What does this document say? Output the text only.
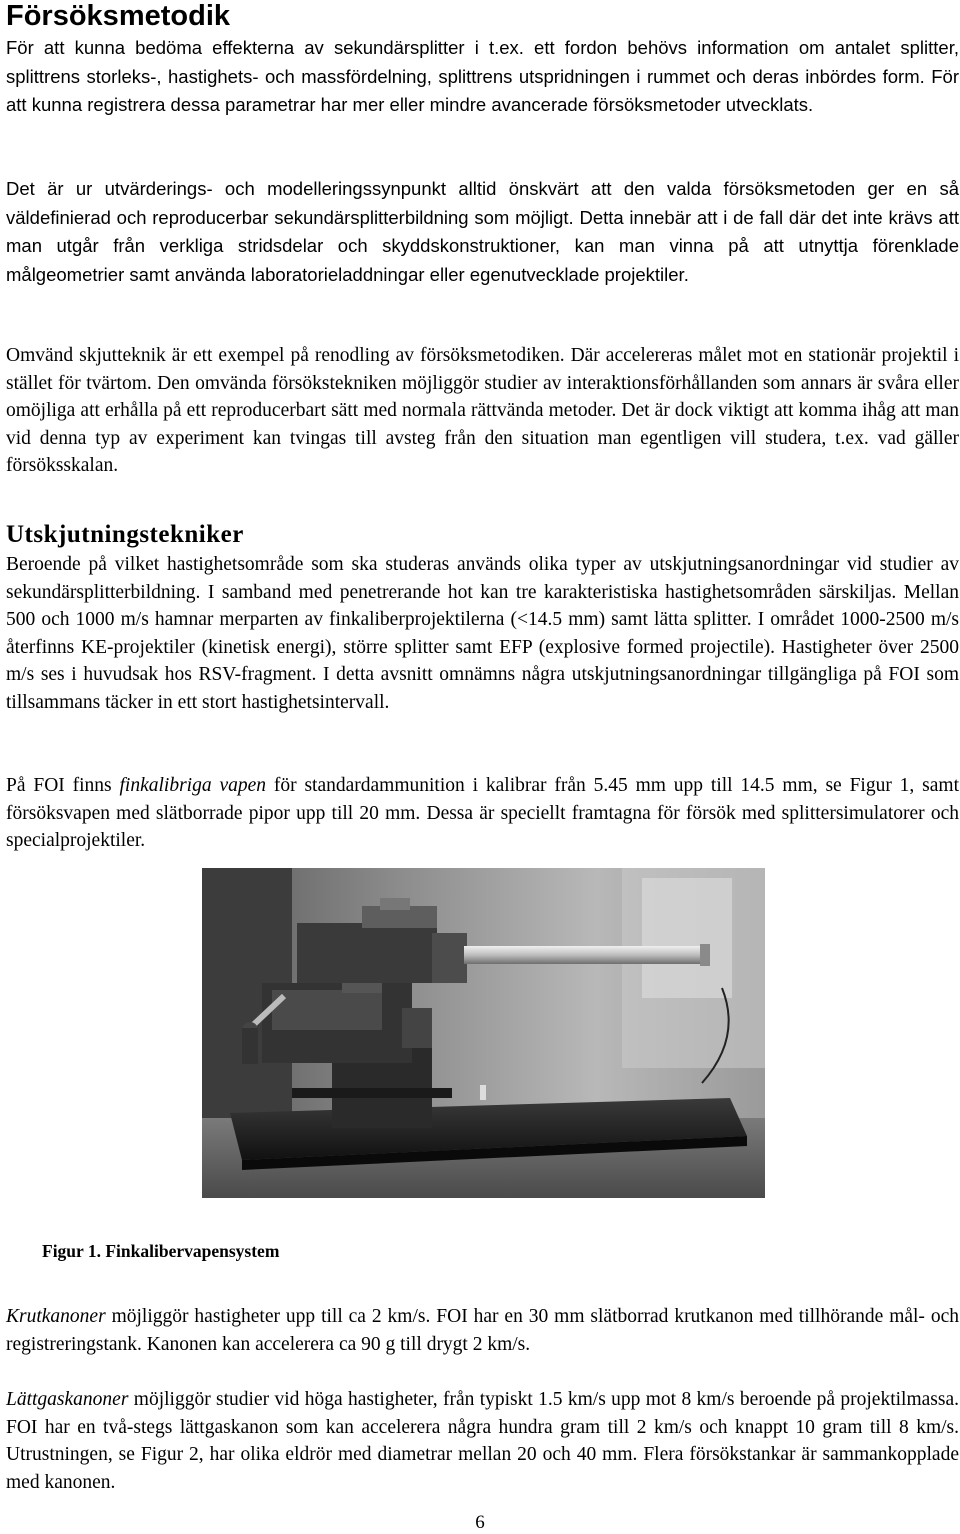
Försöksmetodik

För att kunna bedöma effekterna av sekundärsplitter i t.ex. ett fordon behövs information om antalet splitter, splittrens storleks-, hastighets- och massfördelning, splittrens utspridningen i rummet och deras inbördes form. För att kunna registrera dessa parametrar har mer eller mindre avancerade försöksmetoder utvecklats.

Det är ur utvärderings- och modelleringssynpunkt alltid önskvärt att den valda försöksmetoden ger en så väldefinierad och reproducerbar sekundärsplitterbildning som möjligt. Detta innebär att i de fall där det inte krävs att man utgår från verkliga stridsdelar och skyddskonstruktioner, kan man vinna på att utnyttja förenklade målgeometrier samt använda laboratorieladdningar eller egenutvecklade projektiler.

Omvänd skjutteknik är ett exempel på renodling av försöksmetodiken. Där accelereras målet mot en stationär projektil i stället för tvärtom. Den omvända försökstekniken möjliggör studier av interaktionsförhållanden som annars är svåra eller omöjliga att erhålla på ett reproducerbart sätt med normala rättvända metoder. Det är dock viktigt att komma ihåg att man vid denna typ av experiment kan tvingas till avsteg från den situation man egentligen vill studera, t.ex. vad gäller försöksskalan.

Utskjutningstekniker

Beroende på vilket hastighetsområde som ska studeras används olika typer av utskjutningsanordningar vid studier av sekundärsplitterbildning. I samband med penetrerande hot kan tre karakteristiska hastighetsområden särskiljas. Mellan 500 och 1000 m/s hamnar merparten av finkaliberprojektilerna (<14.5 mm) samt lätta splitter. I området 1000-2500 m/s återfinns KE-projektiler (kinetisk energi), större splitter samt EFP (explosive formed projectile). Hastigheter över 2500 m/s ses i huvudsak hos RSV-fragment. I detta avsnitt omnämns några utskjutningsanordningar tillgängliga på FOI som tillsammans täcker in ett stort hastighetsintervall.

På FOI finns finkalibriga vapen för standardammunition i kalibrar från 5.45 mm upp till 14.5 mm, se Figur 1, samt försöksvapen med slätborrade pipor upp till 20 mm. Dessa är speciellt framtagna för försök med splittersimulatorer och specialprojektiler.

Figur 1. Finkalibervapensystem

Krutkanoner möjliggör hastigheter upp till ca 2 km/s. FOI har en 30 mm slätborrad krutkanon med tillhörande mål- och registreringstank. Kanonen kan accelerera ca 90 g till drygt 2 km/s.

Lättgaskanoner möjliggör studier vid höga hastigheter, från typiskt 1.5 km/s upp mot 8 km/s beroende på projektilmassa. FOI har en två-stegs lättgaskanon som kan accelerera några hundra gram till 2 km/s och knappt 10 gram till 8 km/s. Utrustningen, se Figur 2, har olika eldrör med diametrar mellan 20 och 40 mm. Flera försökstankar är sammankopplade med kanonen.

6
